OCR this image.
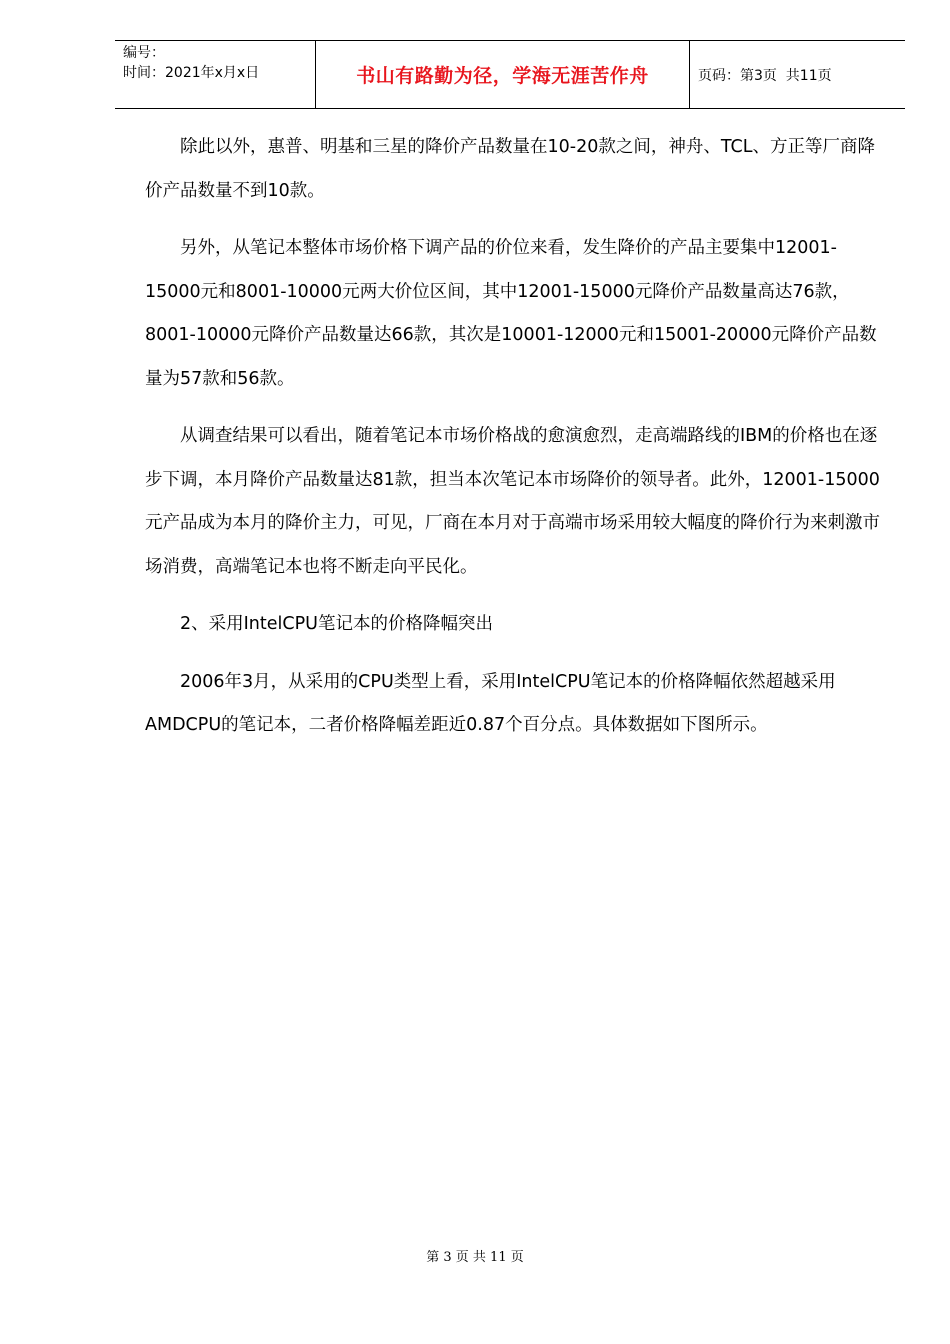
编号：
时间：2021年x月x日	书山有路勤为径，学海无涯苦作舟	页码：第3页  共11页

除此以外，惠普、明基和三星的降价产品数量在10-20款之间，神舟、TCL、方正等厂商降价产品数量不到10款。

另外，从笔记本整体市场价格下调产品的价位来看，发生降价的产品主要集中12001-15000元和8001-10000元两大价位区间，其中12001-15000元降价产品数量高达76款，8001-10000元降价产品数量达66款，其次是10001-12000元和15001-20000元降价产品数量为57款和56款。

从调查结果可以看出，随着笔记本市场价格战的愈演愈烈，走高端路线的IBM的价格也在逐步下调，本月降价产品数量达81款，担当本次笔记本市场降价的领导者。此外，12001-15000元产品成为本月的降价主力，可见，厂商在本月对于高端市场采用较大幅度的降价行为来刺激市场消费，高端笔记本也将不断走向平民化。

2、采用IntelCPU笔记本的价格降幅突出

2006年3月，从采用的CPU类型上看，采用IntelCPU笔记本的价格降幅依然超越采用AMDCPU的笔记本，二者价格降幅差距近0.87个百分点。具体数据如下图所示。

第 3 页 共 11 页
